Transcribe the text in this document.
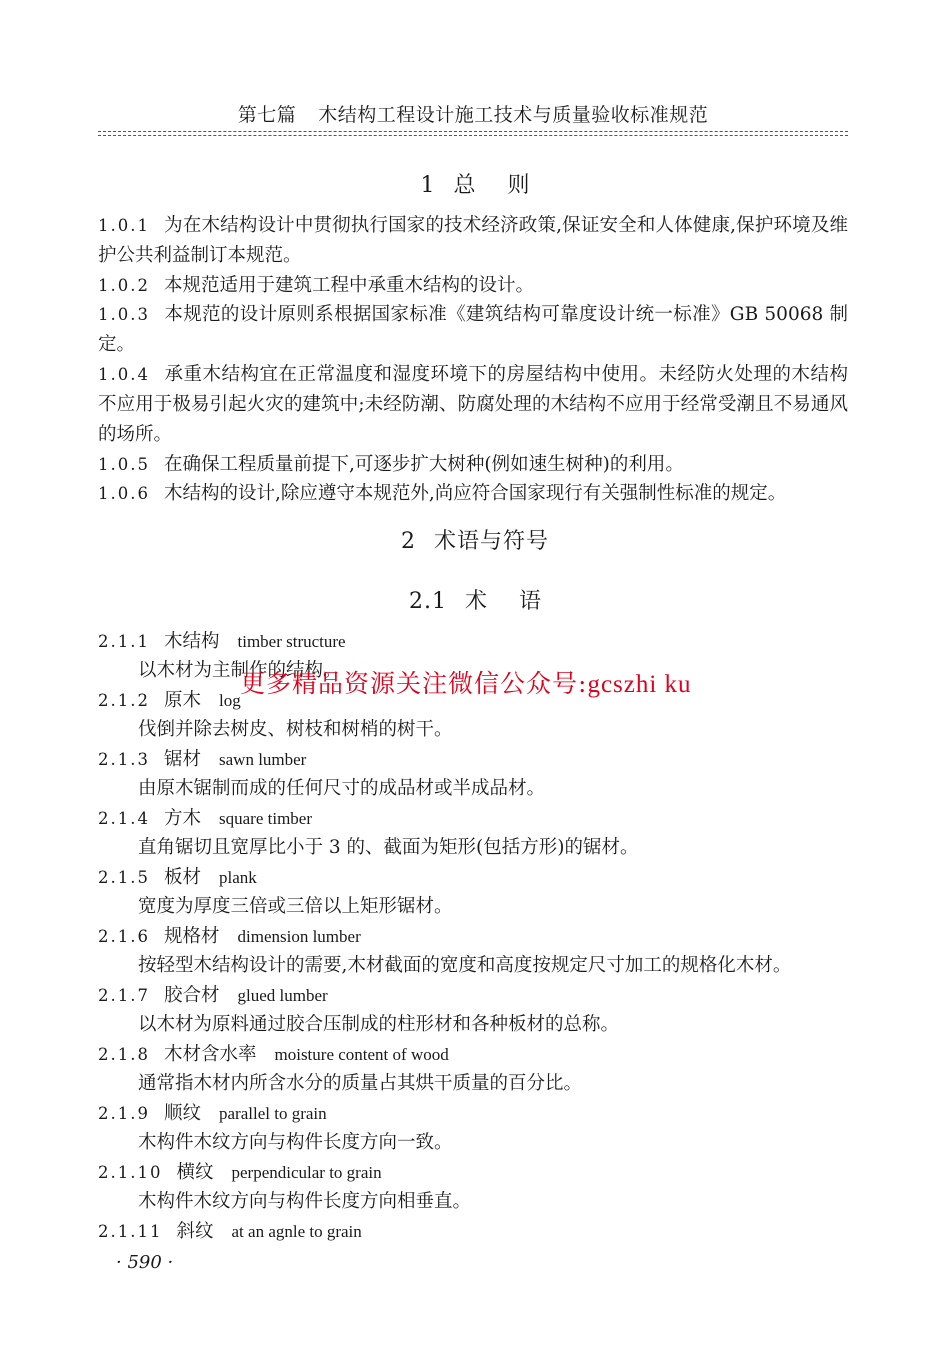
第七篇 木结构工程设计施工技术与质量验收标准规范
1 总则
1.0.1 为在木结构设计中贯彻执行国家的技术经济政策,保证安全和人体健康,保护环境及维护公共利益制订本规范。
1.0.2 本规范适用于建筑工程中承重木结构的设计。
1.0.3 本规范的设计原则系根据国家标准《建筑结构可靠度设计统一标准》GB 50068 制定。
1.0.4 承重木结构宜在正常温度和湿度环境下的房屋结构中使用。未经防火处理的木结构不应用于极易引起火灾的建筑中;未经防潮、防腐处理的木结构不应用于经常受潮且不易通风的场所。
1.0.5 在确保工程质量前提下,可逐步扩大树种(例如速生树种)的利用。
1.0.6 木结构的设计,除应遵守本规范外,尚应符合国家现行有关强制性标准的规定。
2 术语与符号
2.1 术语
2.1.1 木结构 timber structure
以木材为主制作的结构。
2.1.2 原木 log
伐倒并除去树皮、树枝和树梢的树干。
2.1.3 锯材 sawn lumber
由原木锯制而成的任何尺寸的成品材或半成品材。
2.1.4 方木 square timber
直角锯切且宽厚比小于 3 的、截面为矩形(包括方形)的锯材。
2.1.5 板材 plank
宽度为厚度三倍或三倍以上矩形锯材。
2.1.6 规格材 dimension lumber
按轻型木结构设计的需要,木材截面的宽度和高度按规定尺寸加工的规格化木材。
2.1.7 胶合材 glued lumber
以木材为原料通过胶合压制成的柱形材和各种板材的总称。
2.1.8 木材含水率 moisture content of wood
通常指木材内所含水分的质量占其烘干质量的百分比。
2.1.9 顺纹 parallel to grain
木构件木纹方向与构件长度方向一致。
2.1.10 横纹 perpendicular to grain
木构件木纹方向与构件长度方向相垂直。
2.1.11 斜纹 at an agnle to grain
更多精品资源关注微信公众号:gcszhi ku
· 590 ·
